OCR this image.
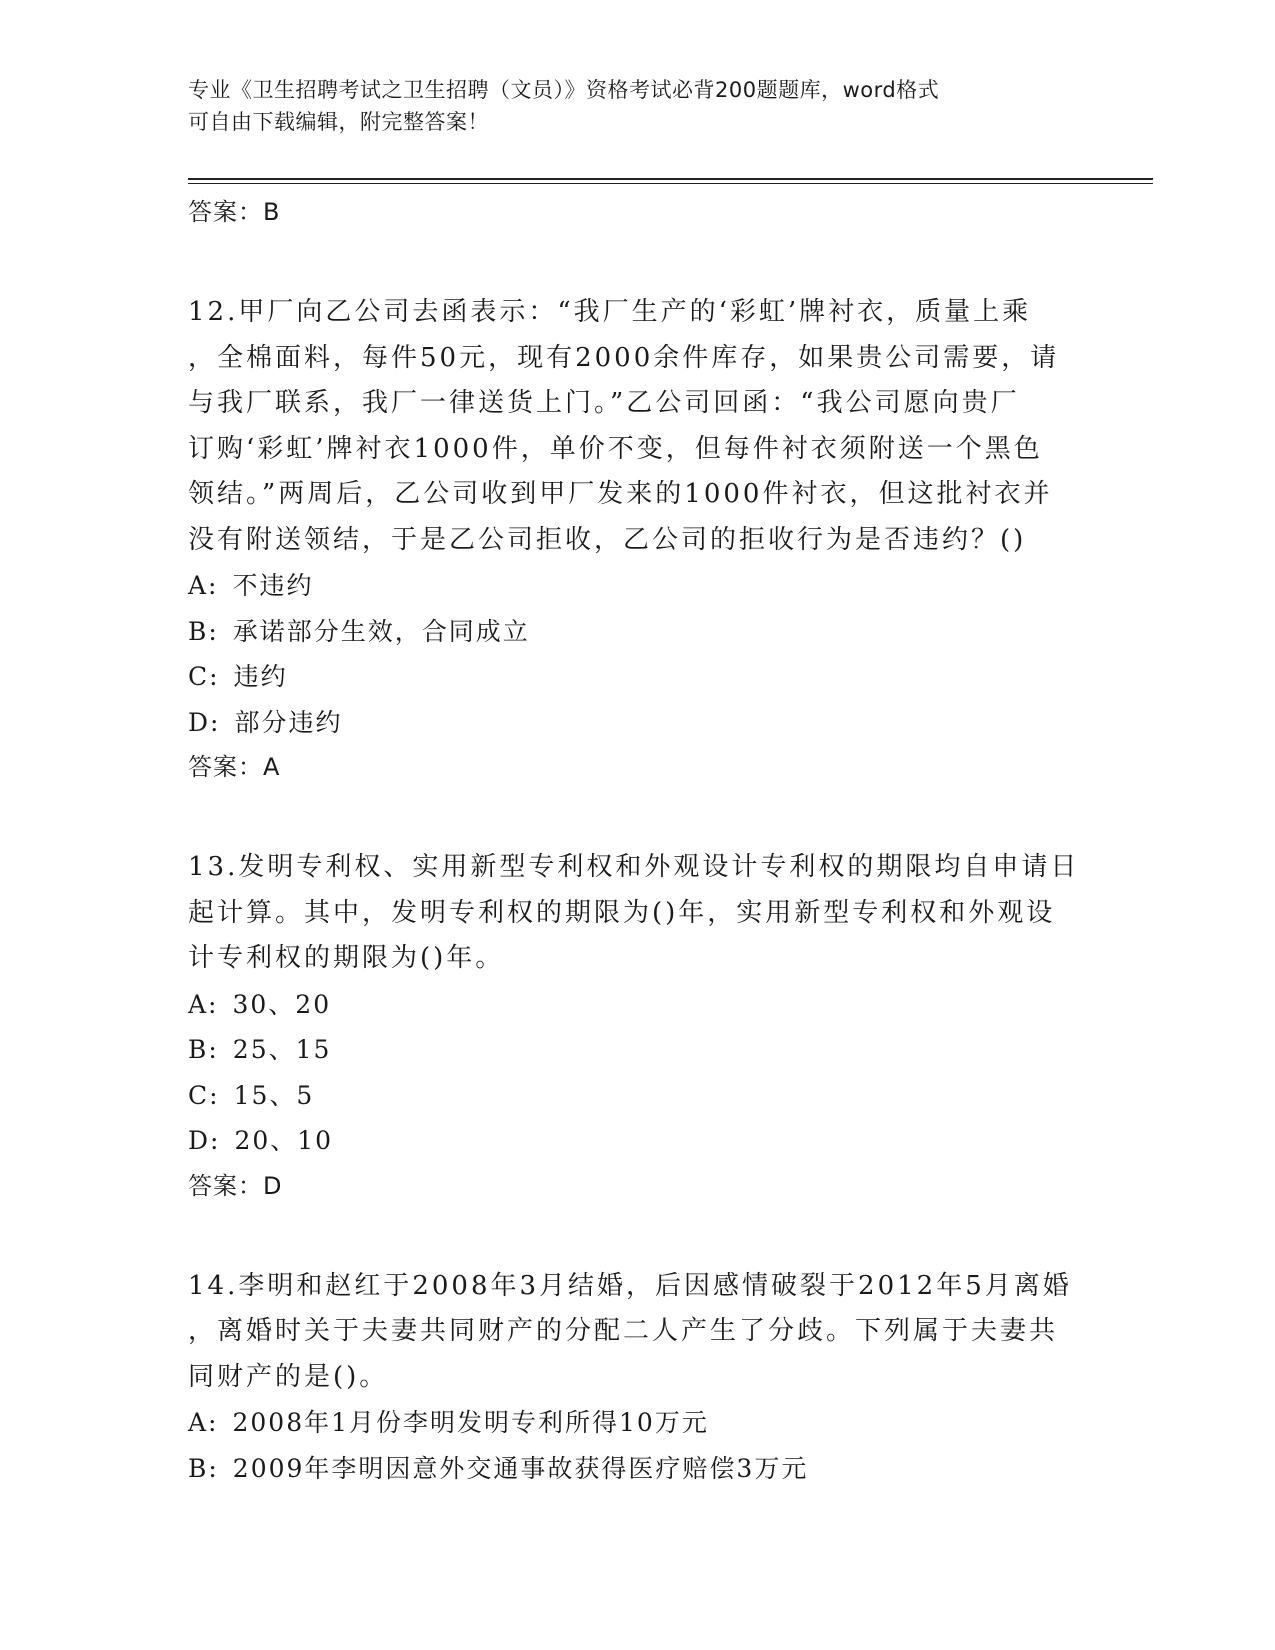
专业《卫生招聘考试之卫生招聘（文员）》资格考试必背200题题库，word格式
可自由下载编辑，附完整答案！

答案：B

12.甲厂向乙公司去函表示：“我厂生产的‘彩虹’牌衬衣，质量上乘

，全棉面料，每件50元，现有2000余件库存，如果贵公司需要，请

与我厂联系，我厂一律送货上门。”乙公司回函：“我公司愿向贵厂

订购‘彩虹’牌衬衣1000件，单价不变，但每件衬衣须附送一个黑色

领结。”两周后，乙公司收到甲厂发来的1000件衬衣，但这批衬衣并

没有附送领结，于是乙公司拒收，乙公司的拒收行为是否违约？()

A: 不违约

B: 承诺部分生效，合同成立

C: 违约

D: 部分违约

答案：A

13.发明专利权、实用新型专利权和外观设计专利权的期限均自申请日

起计算。其中，发明专利权的期限为()年，实用新型专利权和外观设

计专利权的期限为()年。

A: 30、20

B: 25、15

C: 15、5

D: 20、10

答案：D

14.李明和赵红于2008年3月结婚，后因感情破裂于2012年5月离婚

，离婚时关于夫妻共同财产的分配二人产生了分歧。下列属于夫妻共

同财产的是()。

A: 2008年1月份李明发明专利所得10万元

B: 2009年李明因意外交通事故获得医疗赔偿3万元
